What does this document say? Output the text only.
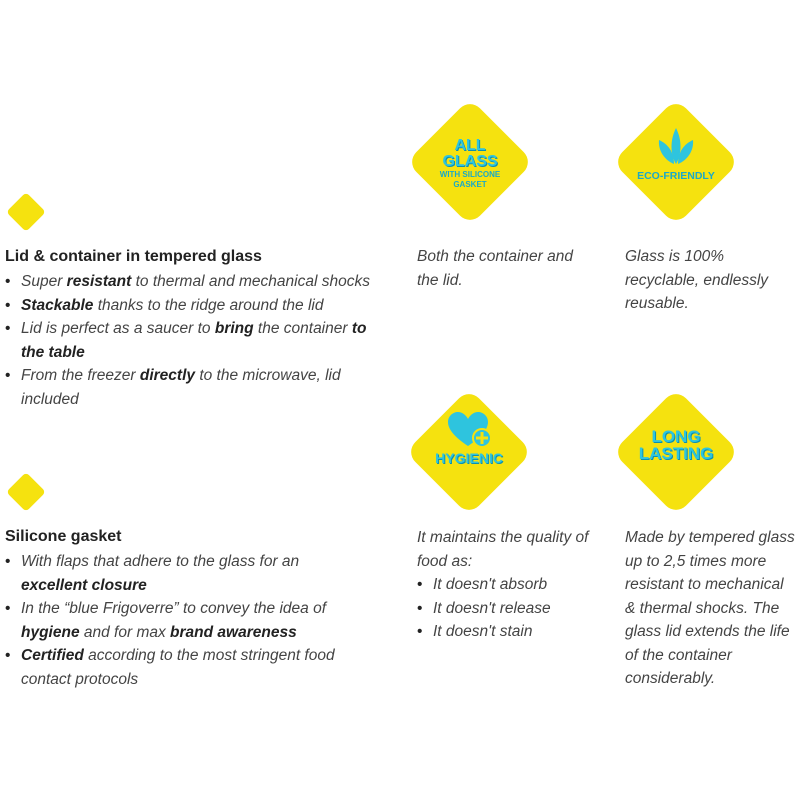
ALL
GLASS
WITH SILICONE
GASKET
ECO-FRIENDLY
HYGIENIC
LONG
LASTING
Lid & container in tempered glass
• Super resistant to thermal and mechanical shocks
• Stackable thanks to the ridge around the lid
• Lid is perfect as a saucer to bring the container to the table
• From the freezer directly to the microwave, lid included
Both the container and the lid.
Glass is 100% recyclable, endlessly reusable.
Silicone gasket
• With flaps that adhere to the glass for an excellent closure
• In the “blue Frigoverre” to convey the idea of hygiene and for max brand awareness
• Certified according to the most stringent food contact protocols
It maintains the quality of food as:
• It doesn't absorb
• It doesn't release
• It doesn't stain
Made by tempered glass up to 2,5 times more resistant to mechanical & thermal shocks. The glass lid extends the life of the container considerably.
